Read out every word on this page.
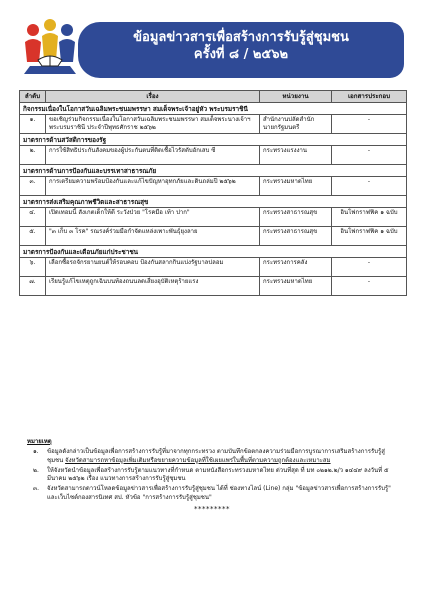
ข้อมูลข่าวสารเพื่อสร้างการรับรู้สู่ชุมชน
ครั้งที่ ๘ / ๒๕๖๒
ลำดับ	เรื่อง	หน่วยงาน	เอกสารประกอบ
กิจกรรมเนื่องในโอกาสวันเฉลิมพระชนมพรรษา สมเด็จพระเจ้าอยู่หัว พระบรมราชินี			
๑.	ขอเชิญร่วมกิจกรรมเนื่องในโอกาสวันเฉลิมพระชนมพรรษา สมเด็จพระนางเจ้าฯ พระบรมราชินี ประจำปีพุทธศักราช ๒๕๖๒	สำนักงานปลัดสำนักนายกรัฐมนตรี	-
มาตรการด้านสวัสดิการของรัฐ			
๒.	การใช้สิทธิประกันสังคมของผู้ประกันตนที่ติดเชื้อไวรัสตับอักเสบ ซี	กระทรวงแรงงาน	-
มาตรการด้านการป้องกันและบรรเทาสาธารณภัย			
๓.	การเตรียมความพร้อมป้องกันและแก้ไขปัญหาอุทกภัยและดินถล่มปี ๒๕๖๒	กระทรวงมหาดไทย	-
มาตรการส่งเสริมคุณภาพชีวิตและสาธารณสุข			
๔.	เปิดเทอมนี้ สังเกตเด็กให้ดี ระวังป่วย "โรคมือ เท้า ปาก"	กระทรวงสาธารณสุข	อินโฟกราฟฟิค ๑ ฉบับ
๕.	"๓ เก็บ ๓ โรค" รณรงค์ร่วมมือกำจัดแหล่งเพาะพันธุ์ยุงลาย	กระทรวงสาธารณสุข	อินโฟกราฟฟิค ๑ ฉบับ
มาตรการป้องกันและเตือนภัยแก่ประชาชน			
๖.	เลือกซื้อรถจักรยานยนต์ให้รอบคอบ ป้องกันสลากกินแบ่งรัฐบาลปลอม	กระทรวงการคลัง	-
๗.	เรียนรู้แก้ไขเหตุถูกเฉินบนท้องถนนลดเสี่ยงอุบัติเหตุร้ายแรง	กระทรวงมหาดไทย	-
หมายเหตุ
๑.	ข้อมูลดังกล่าวเป็นข้อมูลเพื่อการสร้างการรับรู้ที่มาจากทุกกระทรวง ตามบันทึกข้อตกลงความร่วมมือการบูรณาการเสริมสร้างการรับรู้สู่ชุมชน จังหวัดสามารถหาข้อมูลเพิ่มเติมหรือขยายความข้อมูลที่ใช้เผยแพร่ในพื้นที่ตามความถูกต้องและเหมาะสม
๒.	ให้จังหวัดนำข้อมูลเพื่อสร้างการรับรู้ตามแนวทางที่กำหนด ตามหนังสือกระทรวงมหาดไทย ด่วนที่สุด ที่ มท ๐๒๑๒.๒/ว ๑๔๔๙ ลงวันที่ ๕ มีนาคม ๒๕๖๒ เรื่อง แนวทางการสร้างการรับรู้สู่ชุมชน
๓.	จังหวัดสามารถดาวน์โหลดข้อมูลข่าวสารเพื่อสร้างการรับรู้สู่ชุมชน ได้ที่ ช่องทางไลน์ (Line) กลุ่ม "ข้อมูลข่าวสารเพื่อการสร้างการรับรู้" และเว็บไซต์กองสารนิเทศ สป. หัวข้อ "การสร้างการรับรู้สู่ชุมชน"
*********
